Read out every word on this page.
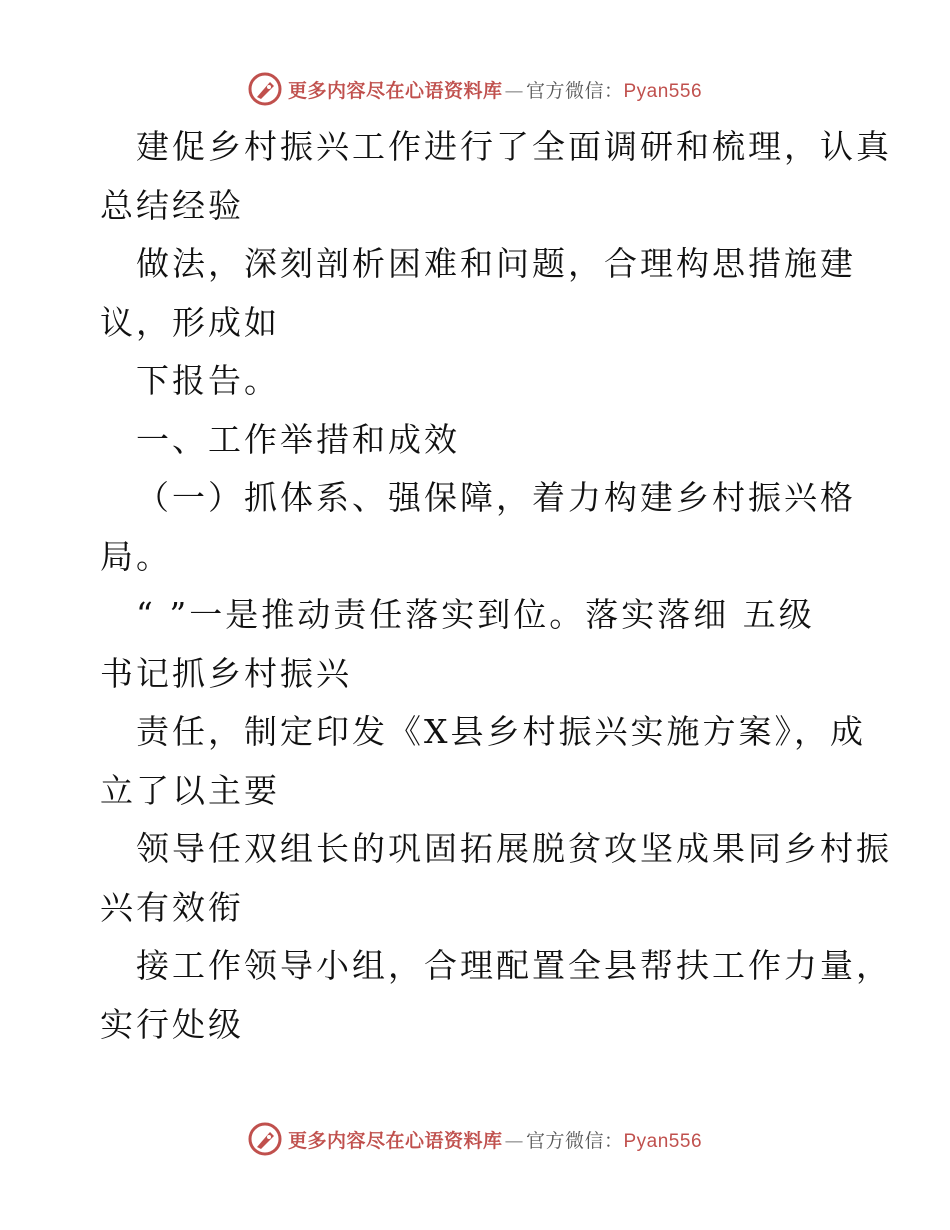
更多内容尽在心语资料库 — 官方微信：Pyan556
建促乡村振兴工作进行了全面调研和梳理，认真
总结经验
做法，深刻剖析困难和问题，合理构思措施建
议，形成如
下报告。
一、工作举措和成效
（一）抓体系、强保障，着力构建乡村振兴格
局。
“ ”一是推动责任落实到位。落实落细 五级
书记抓乡村振兴
责任，制定印发《X县乡村振兴实施方案》，成
立了以主要
领导任双组长的巩固拓展脱贫攻坚成果同乡村振
兴有效衔
接工作领导小组，合理配置全县帮扶工作力量，
实行处级
更多内容尽在心语资料库 — 官方微信：Pyan556
